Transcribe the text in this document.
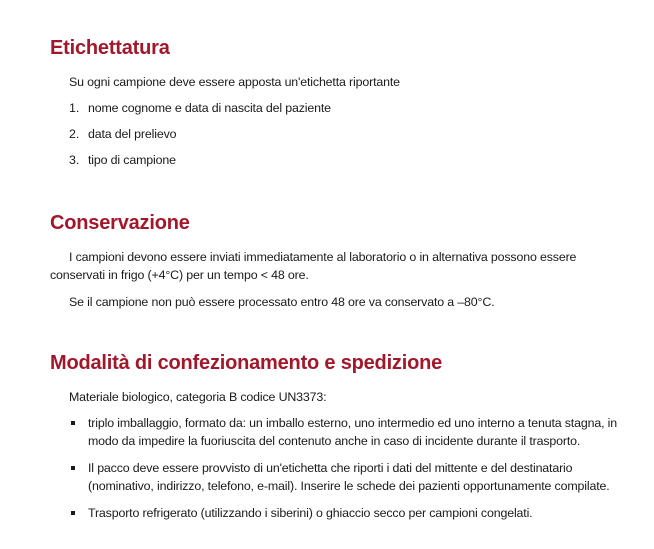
Etichettatura

Su ogni campione deve essere apposta un'etichetta riportante

1. nome cognome e data di nascita del paziente
2. data del prelievo
3. tipo di campione
Conservazione

I campioni devono essere inviati immediatamente al laboratorio o in alternativa possono essere conservati in frigo (+4°C) per un tempo < 48 ore.

Se il campione non può essere processato entro 48 ore va conservato a –80°C.

Modalità di confezionamento e spedizione

Materiale biologico, categoria B codice UN3373:

triplo imballaggio, formato da: un imballo esterno, uno intermedio ed uno interno a tenuta stagna, in modo da impedire la fuoriuscita del contenuto anche in caso di incidente durante il trasporto.

Il pacco deve essere provvisto di un'etichetta che riporti i dati del mittente e del destinatario (nominativo, indirizzo, telefono, e-mail). Inserire le schede dei pazienti opportunamente compilate.

Trasporto refrigerato (utilizzando i siberini) o ghiaccio secco per campioni congelati.
